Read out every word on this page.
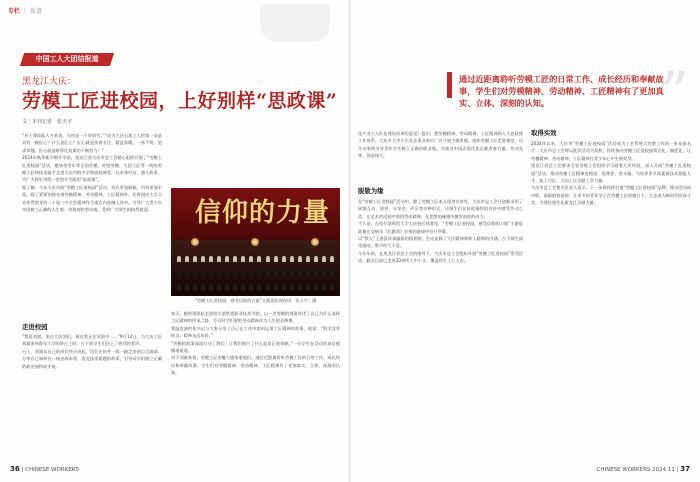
专栏 ｜ 报道
中国工人大团结报道
黑龙江大庆：
劳模工匠进校园，上好别样“思政课”
文｜本刊记者　张天宇
“对于我技能人才来说，当初是一个好时代。”“成为大庆石油工人的第一步是具有一颗匠心？什么是匠心？匠心就是执着专注、精益求精、一丝不苟、追求卓越。匠心就是耐得住寂寞的不断努力！”
2024年秋季新学期开学前，黑龙江省大庆市总工会精心组织开展了“劳模工匠进校园”活动，邀请李雪年等全国劳模、省级劳模、大国工匠等一线的劳模工匠和技术能手走进大庆市的中学和高校课堂，以亲身经历、感人故事，为广大师生讲授一堂别开生面的“思政课”。
据了解，今年大庆市的“劳模工匠进校园”活动，形式更加新颖，内容更加丰富，除了紧紧围绕宣扬劳模精神、劳动精神、工匠精神外，还将国庆大学习宣传贯彻党的二十届三中全会精神作为重点内容融入其中，引导广大青少年牢固树立正确的人生观、价值观和劳动观，受到广大师生的热烈欢迎。
走进校园
“我是刘斌，来自大庆油田，现在我正在试验中……”9月13日，当大庆工匠刘斌来到鲁东大学的讲台上时，台下的学生们送上了热烈的掌声。
台上，刘斌从自己的成长经历讲起，回忆在钻井一线一路走来的点点滴滴，分享自己如何在一线苦练本领、攻克技术难题的故事，引导同学们树立正确的职业观和成才观。
信仰的力量
“劳模工匠进校园，感受信仰的力量”主题思政课现场　张天宇｜摄
春天，她带领团队走进哈尔滨铁道职业技术学院，以一名劳模的视角讲述了自己为什么选择工匠精神的传承之路，号召同学们要把劳动精神作为人生的必修课。
鄂温克族的张书记与大家分享了自己在工作中如何运用工匠精神的故事，他说：“科学没有终点，精神永远年轻。”
“劳模的故事深深打动了我们，让我们明白了什么是真正的奉献。”一位学生在活动结束后感慨地说道。
对于刘斌来说，劳模工匠的魅力感染着他们。通过近距离聆听劳模工匠的日常工作、成长经历和奉献故事，学生们对劳模精神、劳动精神、工匠精神有了更加真实、立体、深刻的认知。
”
通过近距离聆听劳模工匠的日常工作、成长经历和奉献故事，学生们对劳模精神、劳动精神、工匠精神有了更加真实、立体、深刻的认知。
化产业工人队伍建设改革的意见》提出，把劳模精神、劳动精神、工匠精神纳入大思政课工作体系。大庆市大中小学及企事业单位广泛开展主题讲座，组织劳模工匠走进课堂，以生动事例引导青年学生树立正确的职业观，为建设中国式现代化贡献青春力量，劳动光荣，创造伟大。
脱敬为缘
在“劳模工匠进校园”活动中，除了劳模工匠本人现身宣讲外，大庆市总工会还创新采用了同频互动、演讲、分享会、声乐等多种形式，让师生们在轻松愉快的音符中感受劳动之美，在艺术的浸润中领悟劳动精神，在思想的碰撞中激发前进的动力。
不久前，在哈尔滨师范大学大庆校区体育馆，“劳模工匠进校园，感受信仰的力量”主题思政课在交响乐《红旗颂》宏伟的旋律中拉开序幕。
以“铁人”王进喜故事编排的情景剧、生动诠释了大庆精神和铁人精神的内涵，台下师生深受感动，掌声经久不息。
今年年初，在黑龙江省总工会的指导下，大庆市总工会组织开展“劳模工匠进校园”系列活动，截至目前已走进20余所大中小学，覆盖师生上万人次。
取得实效
2024年以来，大庆市“劳模工匠进校园”活动成为工会系统大宣教工作的一张亮丽名片，大庆市总工会将以此次活动为契机，持续推动劳模工匠进校园常态化、制度化，让劳模精神、劳动精神、工匠精神在青少年心中生根发芽。
黑龙江省总工会要求全省各级工会组织学习借鉴大庆经验，深入开展“劳模工匠进校园”活动，推动劳模工匠精神进校园、进课堂、进头脑，为培养更多高素质技术技能人才、能工巧匠、大国工匠贡献工会力量。
大庆市总工会相关负责人表示，下一步将持续打造“劳模工匠进校园”品牌，推动活动向中职、高职院校延伸，让更多的青年学子在劳模工匠的感召下，立志成为新时代的奋斗者，为建设现代化新龙江贡献力量。
36 | CHINESE WORKERS	CHINESE WORKERS 2024.11 | 37
